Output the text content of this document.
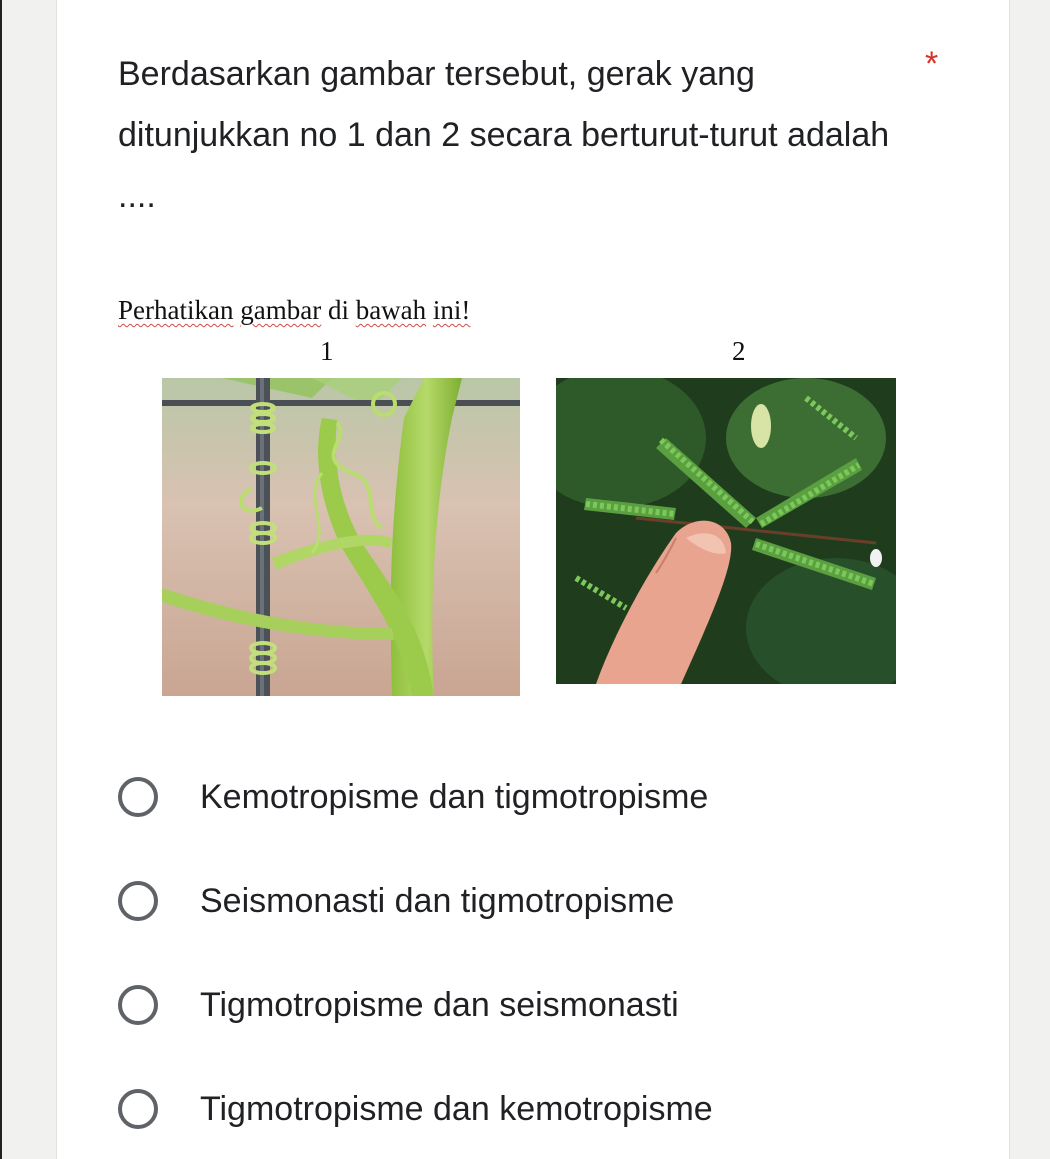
Berdasarkan gambar tersebut, gerak yang ditunjukkan no 1 dan 2 secara berturut-turut adalah ....
*
Perhatikan gambar di bawah ini!
1	2
Kemotropisme dan tigmotropisme
Seismonasti dan tigmotropisme
Tigmotropisme dan seismonasti
Tigmotropisme dan kemotropisme
